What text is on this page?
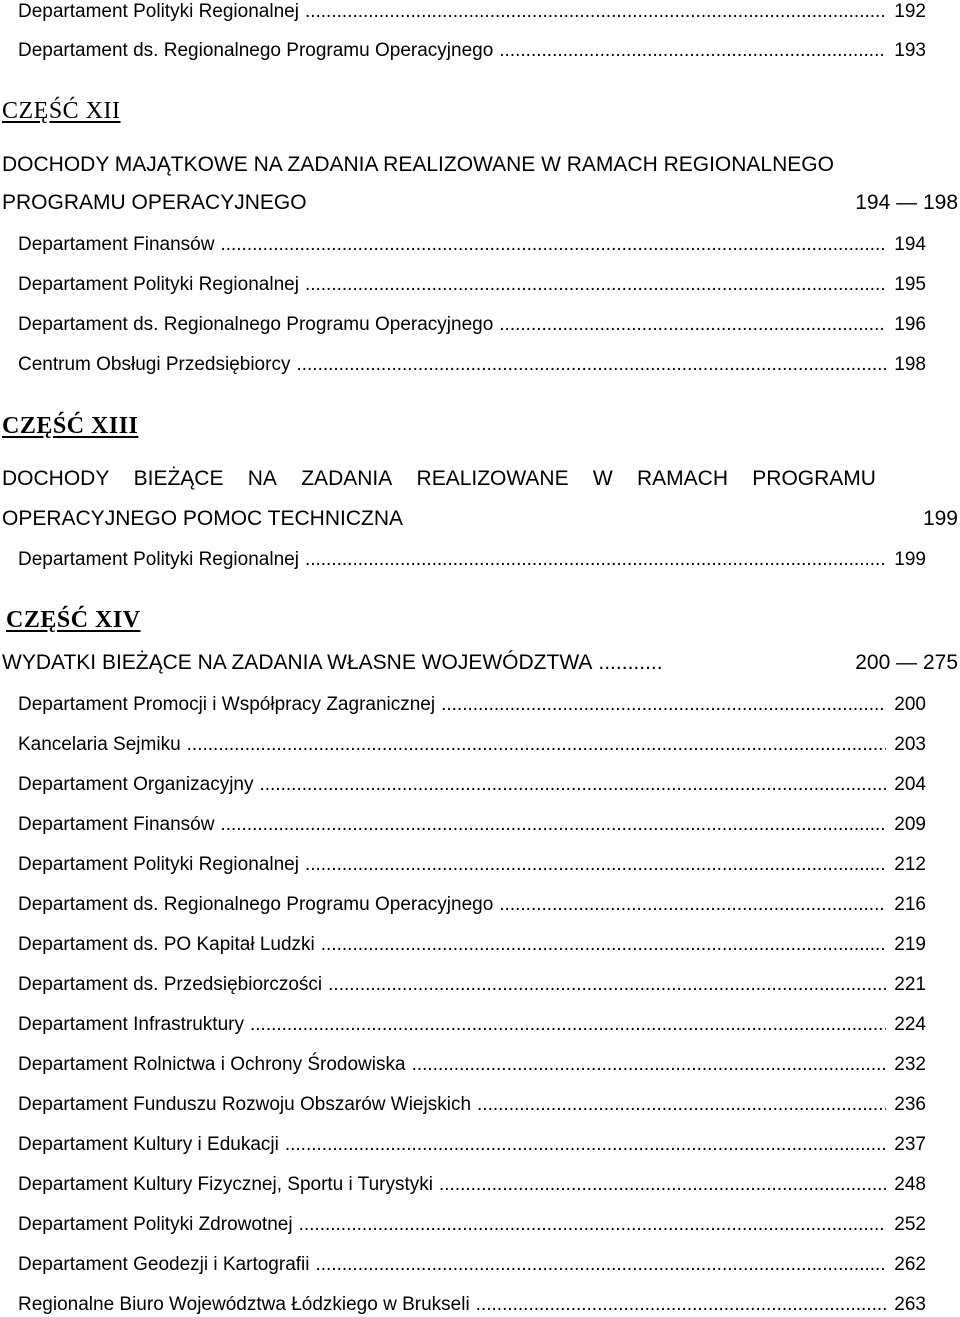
Departament Polityki Regionalnej .....	192
Departament ds. Regionalnego Programu Operacyjnego .....	193
CZĘŚĆ XII
DOCHODY MAJĄTKOWE NA ZADANIA REALIZOWANE W RAMACH REGIONALNEGO
PROGRAMU OPERACYJNEGO	194 — 198
Departament Finansów .....	194
Departament Polityki Regionalnej .....	195
Departament ds. Regionalnego Programu Operacyjnego .....	196
Centrum Obsługi Przedsiębiorcy .....	198
CZĘŚĆ XIII
DOCHODY BIEŻĄCE NA ZADANIA REALIZOWANE W RAMACH PROGRAMU
OPERACYJNEGO POMOC TECHNICZNA	199
Departament Polityki Regionalnej .....	199
CZĘŚĆ XIV
WYDATKI BIEŻĄCE NA ZADANIA WŁASNE WOJEWÓDZTWA ...........	200 — 275
Departament Promocji i Współpracy Zagranicznej .....	200
Kancelaria Sejmiku .....	203
Departament Organizacyjny .....	204
Departament Finansów .....	209
Departament Polityki Regionalnej .....	212
Departament ds. Regionalnego Programu Operacyjnego .....	216
Departament ds. PO Kapitał Ludzki .....	219
Departament ds. Przedsiębiorczości .....	221
Departament Infrastruktury .....	224
Departament Rolnictwa i Ochrony Środowiska .....	232
Departament Funduszu Rozwoju Obszarów Wiejskich .....	236
Departament Kultury i Edukacji .....	237
Departament Kultury Fizycznej, Sportu i Turystyki .....	248
Departament Polityki Zdrowotnej .....	252
Departament Geodezji i Kartografii .....	262
Regionalne Biuro Województwa Łódzkiego w Brukseli .....	263
